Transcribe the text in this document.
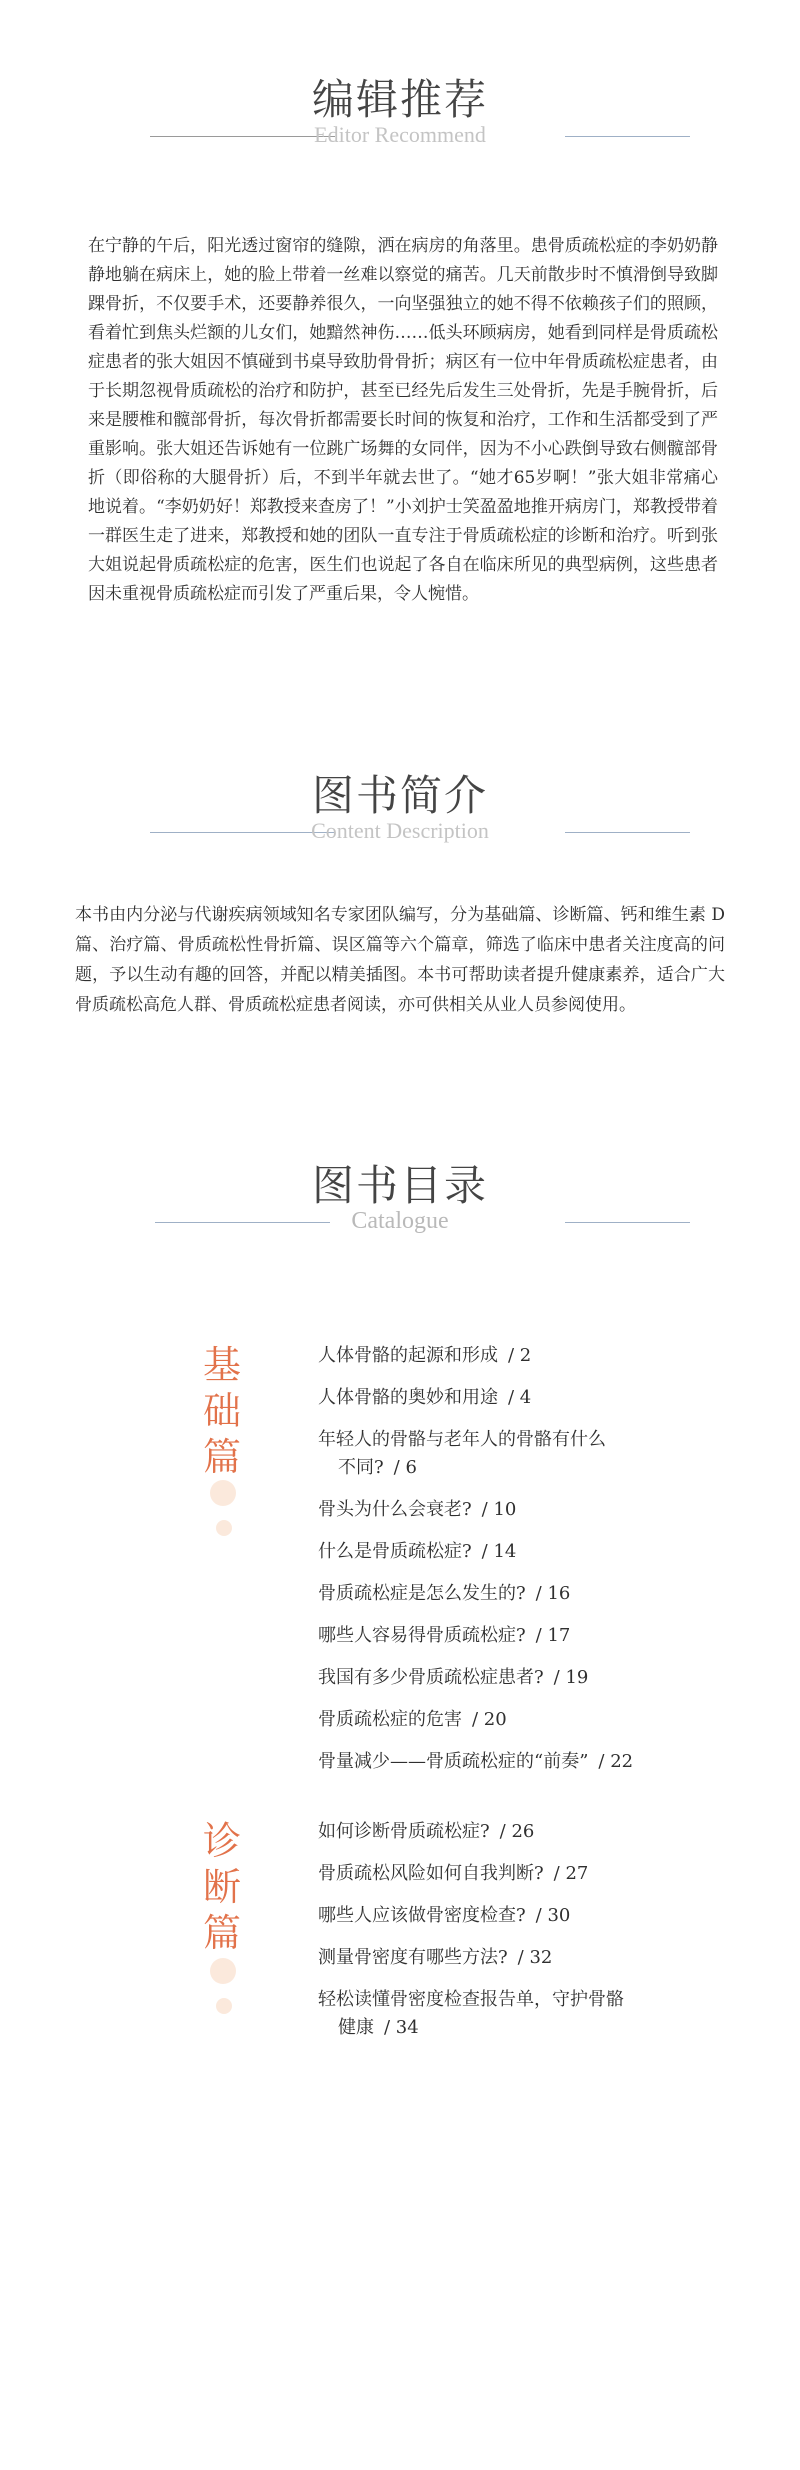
编辑推荐
Editor Recommend
在宁静的午后，阳光透过窗帘的缝隙，洒在病房的角落里。患骨质疏松症的李奶奶静静地躺在病床上，她的脸上带着一丝难以察觉的痛苦。几天前散步时不慎滑倒导致脚踝骨折，不仅要手术，还要静养很久，一向坚强独立的她不得不依赖孩子们的照顾，看着忙到焦头烂额的儿女们，她黯然神伤……低头环顾病房，她看到同样是骨质疏松症患者的张大姐因不慎碰到书桌导致肋骨骨折；病区有一位中年骨质疏松症患者，由于长期忽视骨质疏松的治疗和防护，甚至已经先后发生三处骨折，先是手腕骨折，后来是腰椎和髋部骨折，每次骨折都需要长时间的恢复和治疗，工作和生活都受到了严重影响。张大姐还告诉她有一位跳广场舞的女同伴，因为不小心跌倒导致右侧髋部骨折（即俗称的大腿骨折）后，不到半年就去世了。“她才65岁啊！”张大姐非常痛心地说着。“李奶奶好！郑教授来查房了！”小刘护士笑盈盈地推开病房门，郑教授带着一群医生走了进来，郑教授和她的团队一直专注于骨质疏松症的诊断和治疗。听到张大姐说起骨质疏松症的危害，医生们也说起了各自在临床所见的典型病例，这些患者因未重视骨质疏松症而引发了严重后果，令人惋惜。
图书简介
Content Description
本书由内分泌与代谢疾病领域知名专家团队编写，分为基础篇、诊断篇、钙和维生素 D篇、治疗篇、骨质疏松性骨折篇、误区篇等六个篇章，筛选了临床中患者关注度高的问题，予以生动有趣的回答，并配以精美插图。本书可帮助读者提升健康素养，适合广大骨质疏松高危人群、骨质疏松症患者阅读，亦可供相关从业人员参阅使用。
图书目录
Catalogue
基础篇
人体骨骼的起源和形成 / 2
人体骨骼的奥妙和用途 / 4
年轻人的骨骼与老年人的骨骼有什么
不同? / 6
骨头为什么会衰老? / 10
什么是骨质疏松症? / 14
骨质疏松症是怎么发生的? / 16
哪些人容易得骨质疏松症? / 17
我国有多少骨质疏松症患者? / 19
骨质疏松症的危害 / 20
骨量减少——骨质疏松症的“前奏” / 22
诊断篇
如何诊断骨质疏松症? / 26
骨质疏松风险如何自我判断? / 27
哪些人应该做骨密度检查? / 30
测量骨密度有哪些方法? / 32
轻松读懂骨密度检查报告单，守护骨骼
健康 / 34
